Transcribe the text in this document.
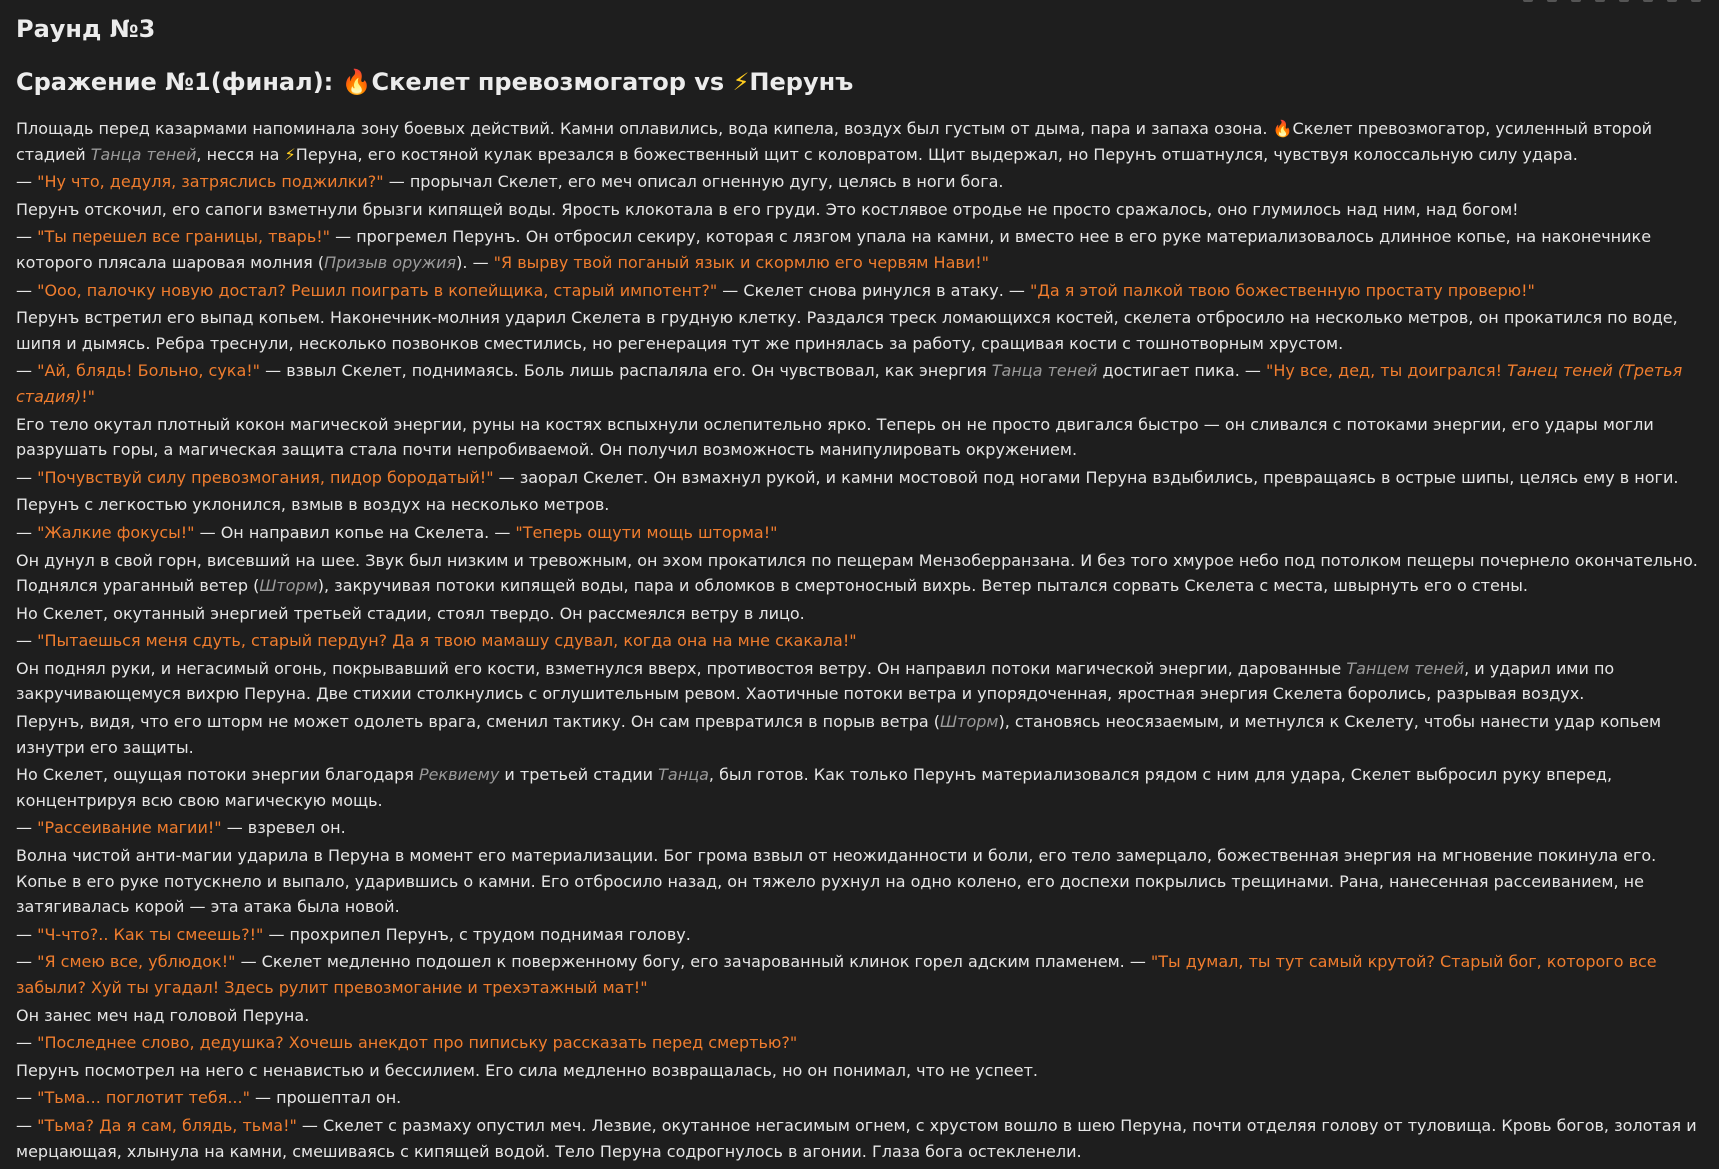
Раунд №3
Сражение №1(финал): 🔥Скелет превозмогатор vs ⚡Перунъ

Площадь перед казармами напоминала зону боевых действий. Камни оплавились, вода кипела, воздух был густым от дыма, пара и запаха озона. 🔥Скелет превозмогатор, усиленный второй стадией Танца теней, несся на ⚡Перуна, его костяной кулак врезался в божественный щит с коловратом. Щит выдержал, но Перунъ отшатнулся, чувствуя колоссальную силу удара.

— "Ну что, дедуля, затряслись поджилки?" — прорычал Скелет, его меч описал огненную дугу, целясь в ноги бога.

Перунъ отскочил, его сапоги взметнули брызги кипящей воды. Ярость клокотала в его груди. Это костлявое отродье не просто сражалось, оно глумилось над ним, над богом!

— "Ты перешел все границы, тварь!" — прогремел Перунъ. Он отбросил секиру, которая с лязгом упала на камни, и вместо нее в его руке материализовалось длинное копье, на наконечнике которого плясала шаровая молния (Призыв оружия). — "Я вырву твой поганый язык и скормлю его червям Нави!"

— "Ооо, палочку новую достал? Решил поиграть в копейщика, старый импотент?" — Скелет снова ринулся в атаку. — "Да я этой палкой твою божественную простату проверю!"

Перунъ встретил его выпад копьем. Наконечник-молния ударил Скелета в грудную клетку. Раздался треск ломающихся костей, скелета отбросило на несколько метров, он прокатился по воде, шипя и дымясь. Ребра треснули, несколько позвонков сместились, но регенерация тут же принялась за работу, сращивая кости с тошнотворным хрустом.

— "Ай, блядь! Больно, сука!" — взвыл Скелет, поднимаясь. Боль лишь распаляла его. Он чувствовал, как энергия Танца теней достигает пика. — "Ну все, дед, ты доигрался! Танец теней (Третья стадия)!"

Его тело окутал плотный кокон магической энергии, руны на костях вспыхнули ослепительно ярко. Теперь он не просто двигался быстро — он сливался с потоками энергии, его удары могли разрушать горы, а магическая защита стала почти непробиваемой. Он получил возможность манипулировать окружением.

— "Почувствуй силу превозмогания, пидор бородатый!" — заорал Скелет. Он взмахнул рукой, и камни мостовой под ногами Перуна вздыбились, превращаясь в острые шипы, целясь ему в ноги.

Перунъ с легкостью уклонился, взмыв в воздух на несколько метров.

— "Жалкие фокусы!" — Он направил копье на Скелета. — "Теперь ощути мощь шторма!"

Он дунул в свой горн, висевший на шее. Звук был низким и тревожным, он эхом прокатился по пещерам Мензоберранзана. И без того хмурое небо под потолком пещеры почернело окончательно. Поднялся ураганный ветер (Шторм), закручивая потоки кипящей воды, пара и обломков в смертоносный вихрь. Ветер пытался сорвать Скелета с места, швырнуть его о стены.

Но Скелет, окутанный энергией третьей стадии, стоял твердо. Он рассмеялся ветру в лицо.

— "Пытаешься меня сдуть, старый пердун? Да я твою мамашу сдувал, когда она на мне скакала!"

Он поднял руки, и негасимый огонь, покрывавший его кости, взметнулся вверх, противостоя ветру. Он направил потоки магической энергии, дарованные Танцем теней, и ударил ими по закручивающемуся вихрю Перуна. Две стихии столкнулись с оглушительным ревом. Хаотичные потоки ветра и упорядоченная, яростная энергия Скелета боролись, разрывая воздух.

Перунъ, видя, что его шторм не может одолеть врага, сменил тактику. Он сам превратился в порыв ветра (Шторм), становясь неосязаемым, и метнулся к Скелету, чтобы нанести удар копьем изнутри его защиты.

Но Скелет, ощущая потоки энергии благодаря Реквиему и третьей стадии Танца, был готов. Как только Перунъ материализовался рядом с ним для удара, Скелет выбросил руку вперед, концентрируя всю свою магическую мощь.

— "Рассеивание магии!" — взревел он.

Волна чистой анти-магии ударила в Перуна в момент его материализации. Бог грома взвыл от неожиданности и боли, его тело замерцало, божественная энергия на мгновение покинула его. Копье в его руке потускнело и выпало, ударившись о камни. Его отбросило назад, он тяжело рухнул на одно колено, его доспехи покрылись трещинами. Рана, нанесенная рассеиванием, не затягивалась корой — эта атака была новой.

— "Ч-что?.. Как ты смеешь?!" — прохрипел Перунъ, с трудом поднимая голову.

— "Я смею все, ублюдок!" — Скелет медленно подошел к поверженному богу, его зачарованный клинок горел адским пламенем. — "Ты думал, ты тут самый крутой? Старый бог, которого все забыли? Хуй ты угадал! Здесь рулит превозмогание и трехэтажный мат!"

Он занес меч над головой Перуна.

— "Последнее слово, дедушка? Хочешь анекдот про пипиську рассказать перед смертью?"

Перунъ посмотрел на него с ненавистью и бессилием. Его сила медленно возвращалась, но он понимал, что не успеет.

— "Тьма... поглотит тебя..." — прошептал он.

— "Тьма? Да я сам, блядь, тьма!" — Скелет с размаху опустил меч. Лезвие, окутанное негасимым огнем, с хрустом вошло в шею Перуна, почти отделяя голову от туловища. Кровь богов, золотая и мерцающая, хлынула на камни, смешиваясь с кипящей водой. Тело Перуна содрогнулось в агонии. Глаза бога остекленели.
